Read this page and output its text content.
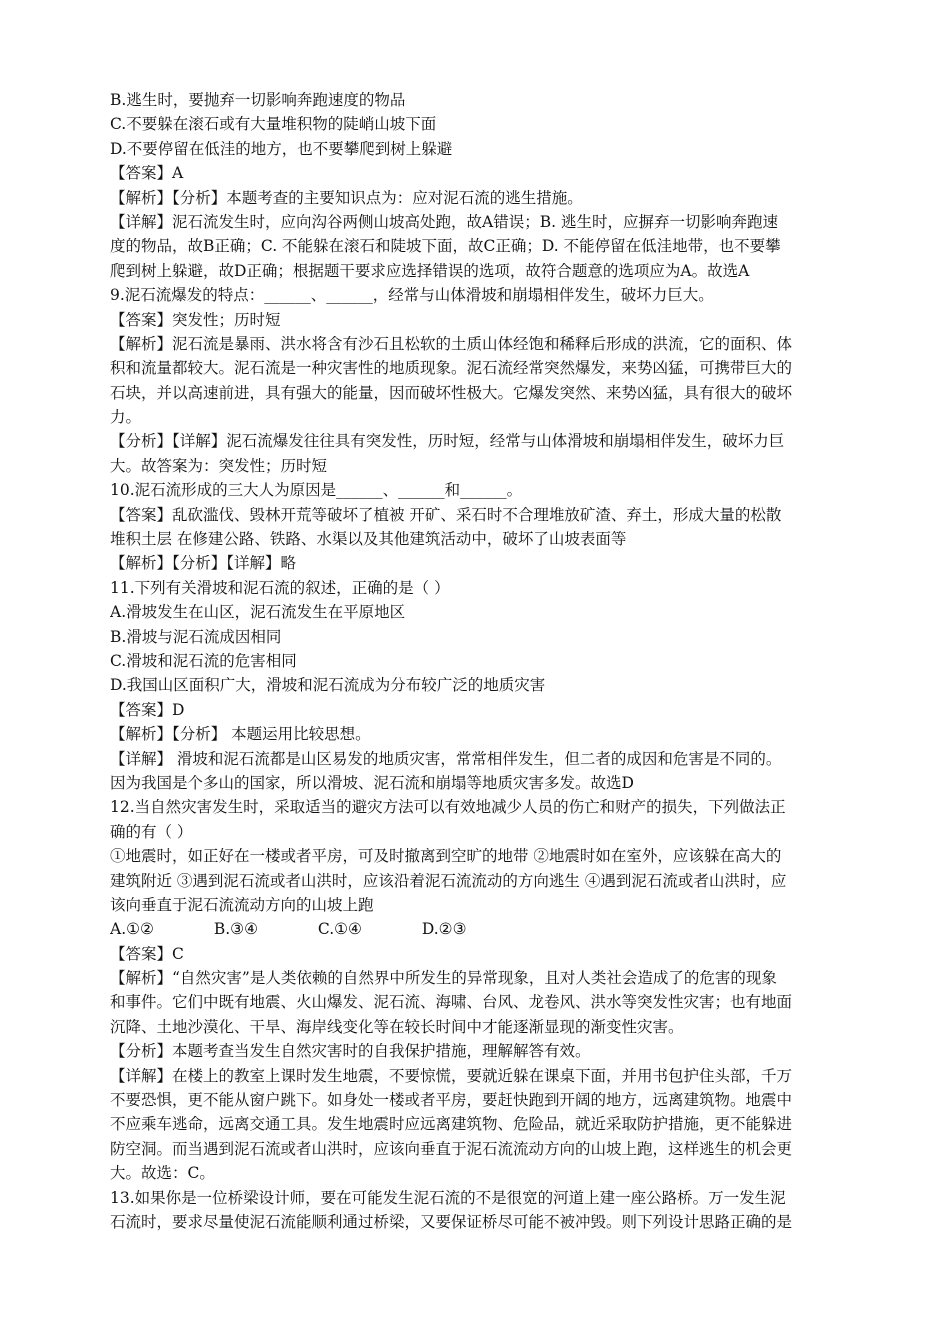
B.逃生时，要抛弃一切影响奔跑速度的物品
C.不要躲在滚石或有大量堆积物的陡峭山坡下面
D.不要停留在低洼的地方，也不要攀爬到树上躲避
【答案】A
【解析】【分析】本题考查的主要知识点为：应对泥石流的逃生措施。
【详解】泥石流发生时，应向沟谷两侧山坡高处跑，故A错误；B. 逃生时，应摒弃一切影响奔跑速
度的物品，故B正确；C. 不能躲在滚石和陡坡下面，故C正确；D. 不能停留在低洼地带，也不要攀
爬到树上躲避，故D正确；根据题干要求应选择错误的选项，故符合题意的选项应为A。故选A
9.泥石流爆发的特点：______、______，经常与山体滑坡和崩塌相伴发生，破坏力巨大。
【答案】突发性；历时短
【解析】泥石流是暴雨、洪水将含有沙石且松软的土质山体经饱和稀释后形成的洪流，它的面积、体
积和流量都较大。泥石流是一种灾害性的地质现象。泥石流经常突然爆发，来势凶猛，可携带巨大的
石块，并以高速前进，具有强大的能量，因而破坏性极大。它爆发突然、来势凶猛，具有很大的破坏
力。
【分析】【详解】泥石流爆发往往具有突发性，历时短，经常与山体滑坡和崩塌相伴发生，破坏力巨
大。故答案为：突发性；历时短
10.泥石流形成的三大人为原因是______、______和______。
【答案】乱砍滥伐、毁林开荒等破坏了植被 开矿、采石时不合理堆放矿渣、弃土，形成大量的松散
堆积土层 在修建公路、铁路、水渠以及其他建筑活动中，破坏了山坡表面等
【解析】【分析】【详解】略
11.下列有关滑坡和泥石流的叙述，正确的是（ ）
A.滑坡发生在山区，泥石流发生在平原地区
B.滑坡与泥石流成因相同
C.滑坡和泥石流的危害相同
D.我国山区面积广大，滑坡和泥石流成为分布较广泛的地质灾害
【答案】D
【解析】【分析】 本题运用比较思想。
【详解】 滑坡和泥石流都是山区易发的地质灾害，常常相伴发生，但二者的成因和危害是不同的。
因为我国是个多山的国家，所以滑坡、泥石流和崩塌等地质灾害多发。故选D
12.当自然灾害发生时，采取适当的避灾方法可以有效地减少人员的伤亡和财产的损失，下列做法正
确的有（ ）
①地震时，如正好在一楼或者平房，可及时撤离到空旷的地带 ②地震时如在室外，应该躲在高大的
建筑附近 ③遇到泥石流或者山洪时，应该沿着泥石流流动的方向逃生 ④遇到泥石流或者山洪时，应
该向垂直于泥石流流动方向的山坡上跑
A.①②	B.③④	C.①④	D.②③
【答案】C
【解析】“自然灾害”是人类依赖的自然界中所发生的异常现象，且对人类社会造成了的危害的现象
和事件。它们中既有地震、火山爆发、泥石流、海啸、台风、龙卷风、洪水等突发性灾害；也有地面
沉降、土地沙漠化、干旱、海岸线变化等在较长时间中才能逐渐显现的渐变性灾害。
【分析】本题考查当发生自然灾害时的自我保护措施，理解解答有效。
【详解】在楼上的教室上课时发生地震，不要惊慌，要就近躲在课桌下面，并用书包护住头部，千万
不要恐惧，更不能从窗户跳下。如身处一楼或者平房，要赶快跑到开阔的地方，远离建筑物。地震中
不应乘车逃命，远离交通工具。发生地震时应远离建筑物、危险品，就近采取防护措施，更不能躲进
防空洞。而当遇到泥石流或者山洪时，应该向垂直于泥石流流动方向的山坡上跑，这样逃生的机会更
大。故选：C。
13.如果你是一位桥梁设计师，要在可能发生泥石流的不是很宽的河道上建一座公路桥。万一发生泥
石流时，要求尽量使泥石流能顺利通过桥梁，又要保证桥尽可能不被冲毁。则下列设计思路正确的是
